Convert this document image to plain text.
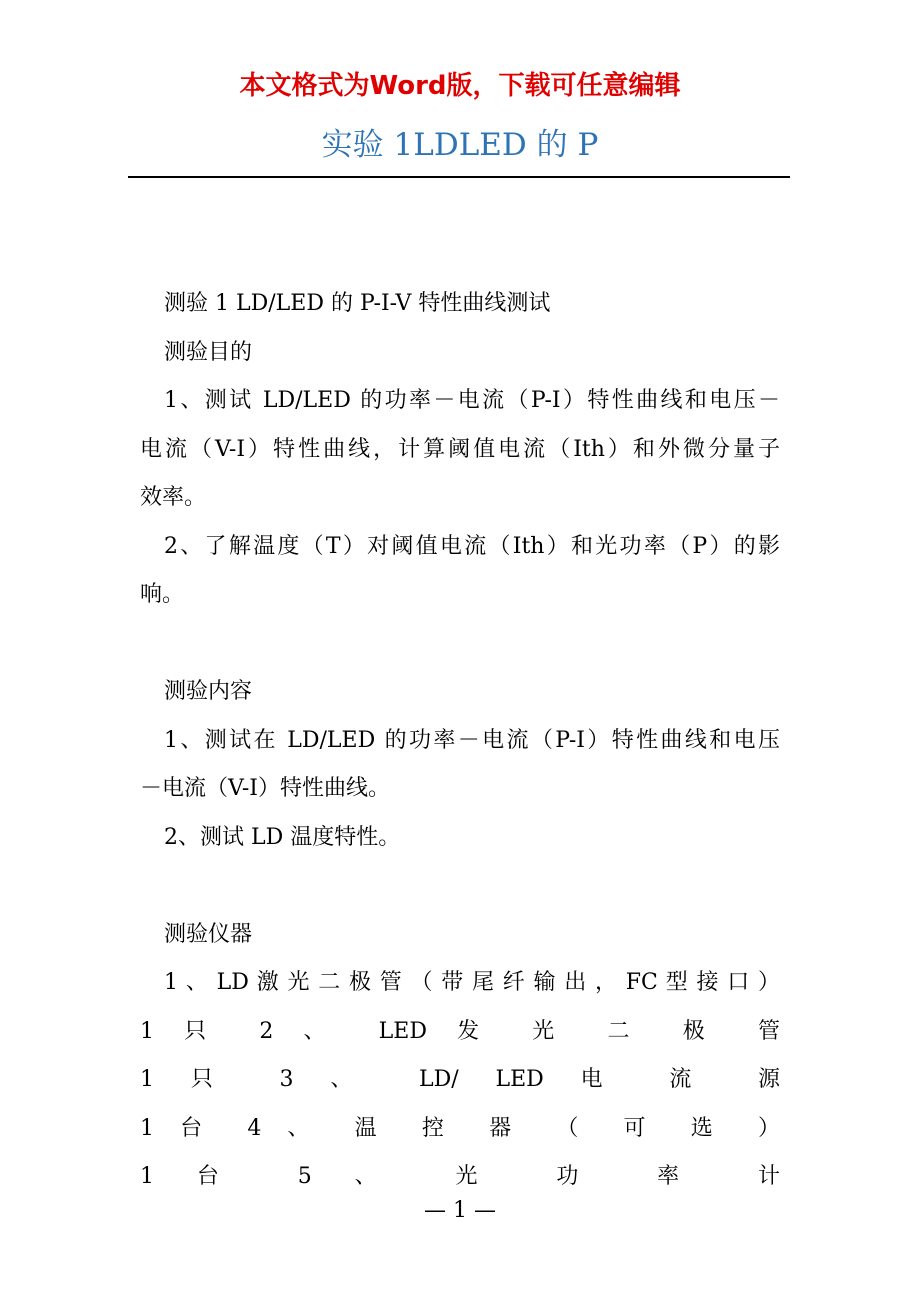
本文格式为Word版，下载可任意编辑
实验 1LDLED 的 P
测验 1 LD/LED 的 P-I-V 特性曲线测试
测验目的
1、测试 LD/LED 的功率－电流（P-I）特性曲线和电压－
电流（V-I）特性曲线，计算阈值电流（Ith）和外微分量子
效率。
2、了解温度（T）对阈值电流（Ith）和光功率（P）的影
响。
测验内容
1、测试在 LD/LED 的功率－电流（P-I）特性曲线和电压
－电流（V-I）特性曲线。
2、测试 LD 温度特性。
测验仪器
1 、 LD 激 光 二 极 管 （ 带 尾 纤 输 出 ， FC 型 接 口 ）
1 只 2 、 LED 发 光 二 极 管
1 只 3 、 LD/ LED 电 流 源
1 台 4 、 温 控 器 （ 可 选 ）
1 台 5 、 光 功 率 计
— 1 —
